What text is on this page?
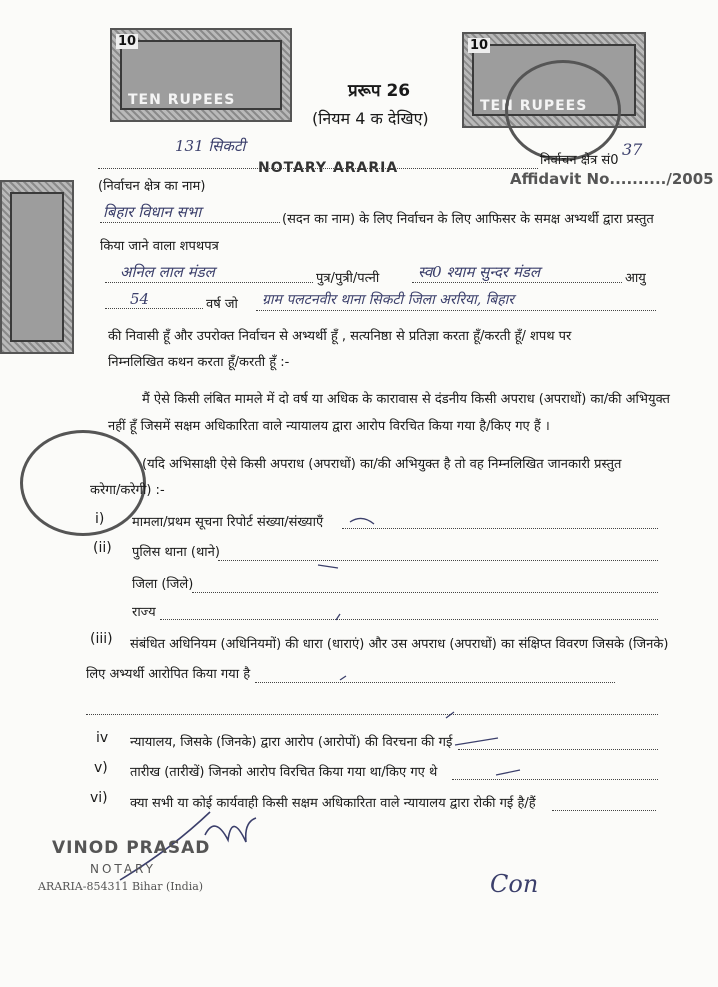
10
TEN RUPEES
10
TEN RUPEES
प्ररूप 26
(नियम 4 क देखिए)
131 सिकटी
NOTARY ARARIA	निर्वाचन क्षेत्र सं0
37
Affidavit No........../2005
(निर्वाचन क्षेत्र का नाम)
बिहार विधान सभा	(सदन का नाम) के लिए निर्वाचन के लिए आफिसर के समक्ष अभ्यर्थी द्वारा प्रस्तुत
किया जाने वाला शपथपत्र
अनिल लाल मंडल	पुत्र/पुत्री/पत्नी	स्व0 श्याम सुन्दर मंडल	आयु
54	वर्ष जो ग्राम पलटनवीर थाना सिकटी जिला अररिया, बिहार
की निवासी हूँ और उपरोक्त निर्वाचन से अभ्यर्थी हूँ , सत्यनिष्ठा से प्रतिज्ञा करता हूँ/करती हूँ/ शपथ पर
निम्नलिखित कथन करता हूँ/करती हूँ :-
मैं ऐसे किसी लंबित मामले में दो वर्ष या अधिक के कारावास से दंडनीय किसी अपराध (अपराधों) का/की अभियुक्त
नहीं हूँ जिसमें सक्षम अधिकारिता वाले न्यायालय द्वारा आरोप विरचित किया गया है/किए गए हैं ।
(यदि अभिसाक्षी ऐसे किसी अपराध (अपराधों) का/की अभियुक्त है तो वह निम्नलिखित जानकारी प्रस्तुत
करेगा/करेगी) :-
i) मामला/प्रथम सूचना रिपोर्ट संख्या/संख्याएँ
(ii) पुलिस थाना (थाने)
जिला (जिले)
राज्य
(iii) संबंधित अधिनियम (अधिनियमों) की धारा (धाराएं) और उस अपराध (अपराधों) का संक्षिप्त विवरण जिसके (जिनके)
लिए अभ्यर्थी आरोपित किया गया है
iv न्यायालय, जिसके (जिनके) द्वारा आरोप (आरोपों) की विरचना की गई
v) तारीख (तारीखें) जिनको आरोप विरचित किया गया था/किए गए थे
vi) क्या सभी या कोई कार्यवाही किसी सक्षम अधिकारिता वाले न्यायालय द्वारा रोकी गई है/हैं
VINOD PRASAD
NOTARY
ARARIA-854311 Bihar (India)	Con
